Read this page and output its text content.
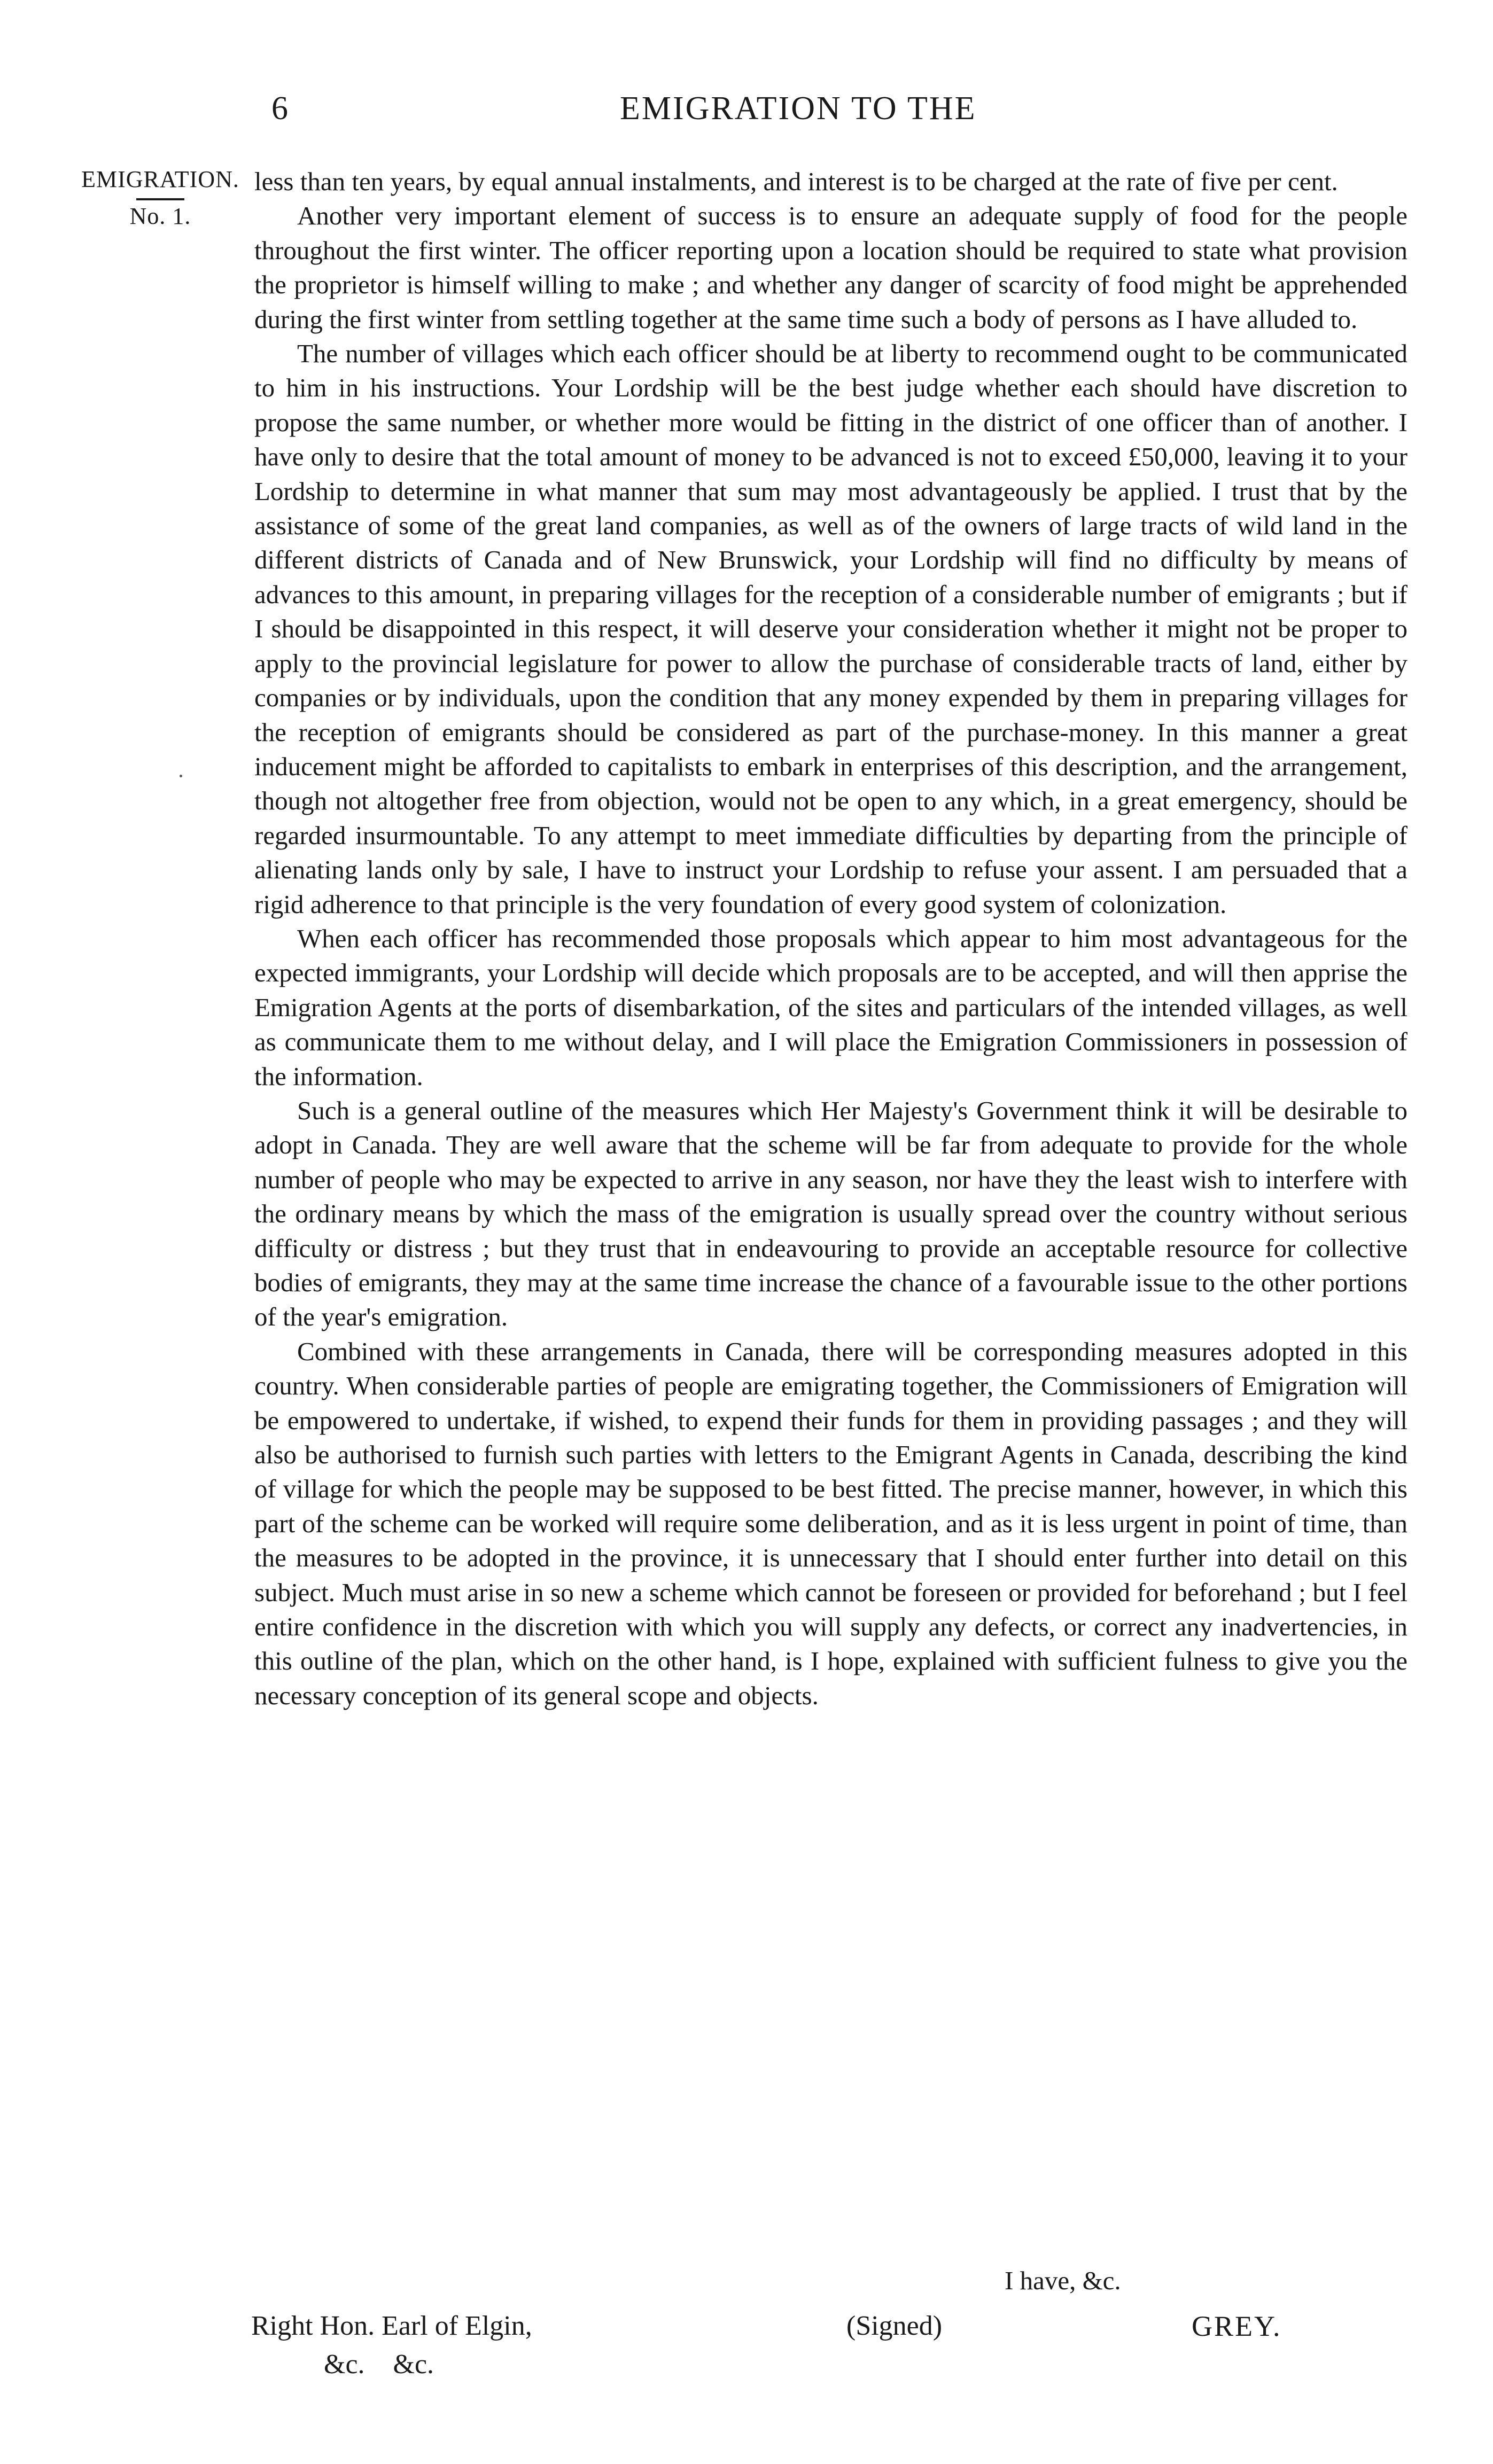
6	EMIGRATION TO THE
EMIGRATION.
No. 1.

less than ten years, by equal annual instalments, and interest is to be charged at the rate of five per cent.

Another very important element of success is to ensure an adequate supply of food for the people throughout the first winter. The officer reporting upon a location should be required to state what provision the proprietor is himself willing to make ; and whether any danger of scarcity of food might be apprehended during the first winter from settling together at the same time such a body of persons as I have alluded to.

The number of villages which each officer should be at liberty to recommend ought to be communicated to him in his instructions. Your Lordship will be the best judge whether each should have discretion to propose the same number, or whether more would be fitting in the district of one officer than of another. I have only to desire that the total amount of money to be advanced is not to exceed £50,000, leaving it to your Lordship to determine in what manner that sum may most advantageously be applied. I trust that by the assistance of some of the great land companies, as well as of the owners of large tracts of wild land in the different districts of Canada and of New Brunswick, your Lordship will find no difficulty by means of advances to this amount, in preparing villages for the reception of a considerable number of emigrants ; but if I should be disappointed in this respect, it will deserve your consideration whether it might not be proper to apply to the provincial legislature for power to allow the purchase of considerable tracts of land, either by companies or by individuals, upon the condition that any money expended by them in preparing villages for the reception of emigrants should be considered as part of the purchase-money. In this manner a great inducement might be afforded to capitalists to embark in enterprises of this description, and the arrangement, though not altogether free from objection, would not be open to any which, in a great emergency, should be regarded insurmountable. To any attempt to meet immediate difficulties by departing from the principle of alienating lands only by sale, I have to instruct your Lordship to refuse your assent. I am persuaded that a rigid adherence to that principle is the very foundation of every good system of colonization.

When each officer has recommended those proposals which appear to him most advantageous for the expected immigrants, your Lordship will decide which proposals are to be accepted, and will then apprise the Emigration Agents at the ports of disembarkation, of the sites and particulars of the intended villages, as well as communicate them to me without delay, and I will place the Emigration Commissioners in possession of the information.

Such is a general outline of the measures which Her Majesty's Government think it will be desirable to adopt in Canada. They are well aware that the scheme will be far from adequate to provide for the whole number of people who may be expected to arrive in any season, nor have they the least wish to interfere with the ordinary means by which the mass of the emigration is usually spread over the country without serious difficulty or distress ; but they trust that in endeavouring to provide an acceptable resource for collective bodies of emigrants, they may at the same time increase the chance of a favourable issue to the other portions of the year's emigration.

Combined with these arrangements in Canada, there will be corresponding measures adopted in this country. When considerable parties of people are emigrating together, the Commissioners of Emigration will be empowered to undertake, if wished, to expend their funds for them in providing passages ; and they will also be authorised to furnish such parties with letters to the Emigrant Agents in Canada, describing the kind of village for which the people may be supposed to be best fitted. The precise manner, however, in which this part of the scheme can be worked will require some deliberation, and as it is less urgent in point of time, than the measures to be adopted in the province, it is unnecessary that I should enter further into detail on this subject. Much must arise in so new a scheme which cannot be foreseen or provided for beforehand ; but I feel entire confidence in the discretion with which you will supply any defects, or correct any inadvertencies, in this outline of the plan, which on the other hand, is I hope, explained with sufficient fulness to give you the necessary conception of its general scope and objects.

I have, &c.
Right Hon. Earl of Elgin,
&c. &c.
(Signed)	GREY.
